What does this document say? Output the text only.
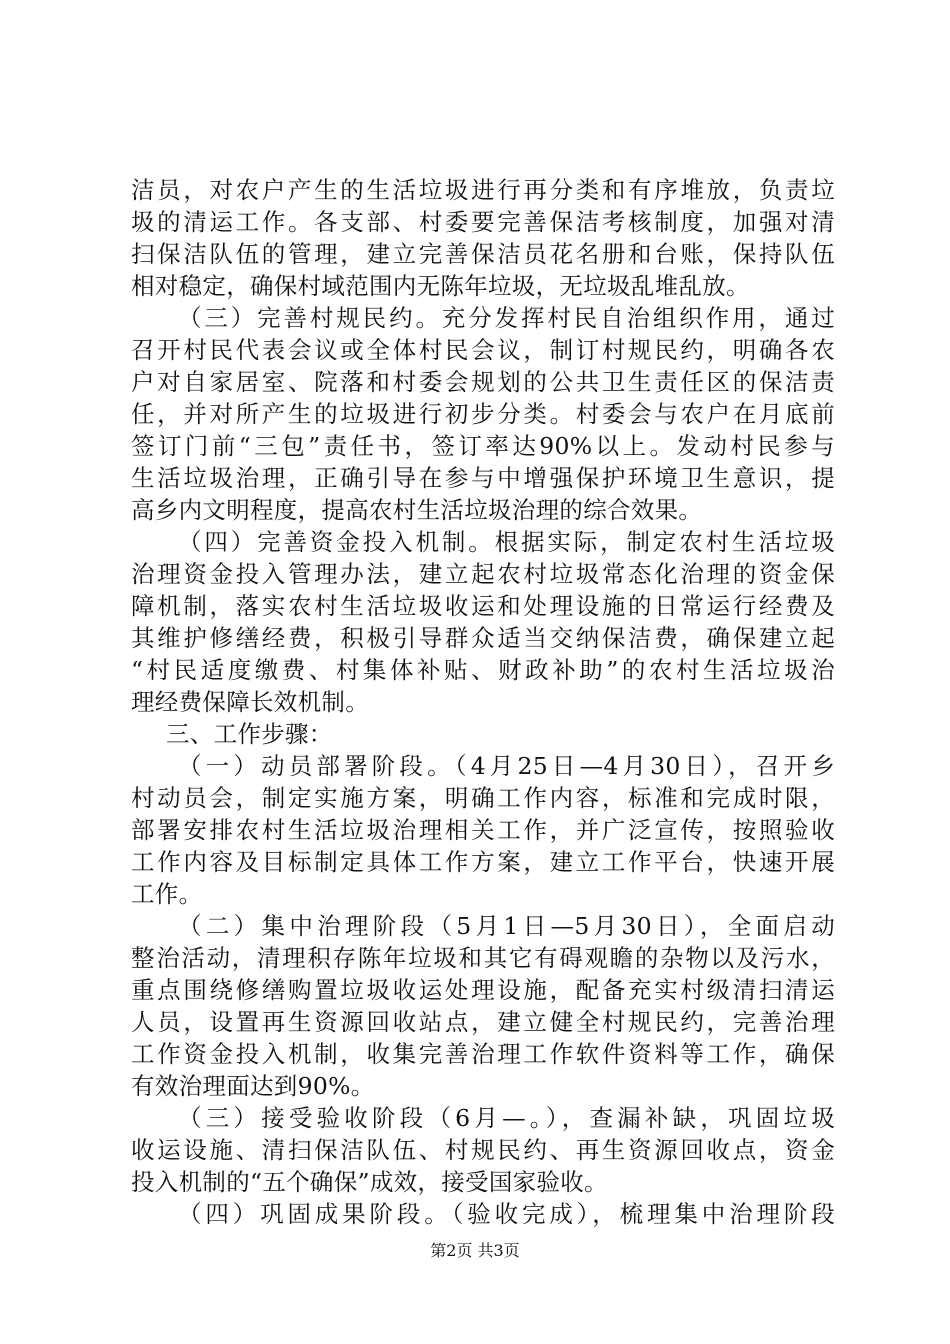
洁员，对农户产生的生活垃圾进行再分类和有序堆放，负责垃
圾的清运工作。各支部、村委要完善保洁考核制度，加强对清
扫保洁队伍的管理，建立完善保洁员花名册和台账，保持队伍
相对稳定，确保村域范围内无陈年垃圾，无垃圾乱堆乱放。
（三）完善村规民约。充分发挥村民自治组织作用，通过
召开村民代表会议或全体村民会议，制订村规民约，明确各农
户对自家居室、院落和村委会规划的公共卫生责任区的保洁责
任，并对所产生的垃圾进行初步分类。村委会与农户在月底前
签订门前“三包”责任书，签订率达90%以上。发动村民参与
生活垃圾治理，正确引导在参与中增强保护环境卫生意识，提
高乡内文明程度，提高农村生活垃圾治理的综合效果。
（四）完善资金投入机制。根据实际，制定农村生活垃圾
治理资金投入管理办法，建立起农村垃圾常态化治理的资金保
障机制，落实农村生活垃圾收运和处理设施的日常运行经费及
其维护修缮经费，积极引导群众适当交纳保洁费，确保建立起
“村民适度缴费、村集体补贴、财政补助”的农村生活垃圾治
理经费保障长效机制。
三、工作步骤：
（一）动员部署阶段。（4月25日—4月30日），召开乡
村动员会，制定实施方案，明确工作内容，标准和完成时限，
部署安排农村生活垃圾治理相关工作，并广泛宣传，按照验收
工作内容及目标制定具体工作方案，建立工作平台，快速开展
工作。
（二）集中治理阶段（5月1日—5月30日），全面启动
整治活动，清理积存陈年垃圾和其它有碍观瞻的杂物以及污水，
重点围绕修缮购置垃圾收运处理设施，配备充实村级清扫清运
人员，设置再生资源回收站点，建立健全村规民约，完善治理
工作资金投入机制，收集完善治理工作软件资料等工作，确保
有效治理面达到90%。
（三）接受验收阶段（6月—。），查漏补缺，巩固垃圾
收运设施、清扫保洁队伍、村规民约、再生资源回收点，资金
投入机制的“五个确保”成效，接受国家验收。
（四）巩固成果阶段。（验收完成），梳理集中治理阶段
第2页 共3页
